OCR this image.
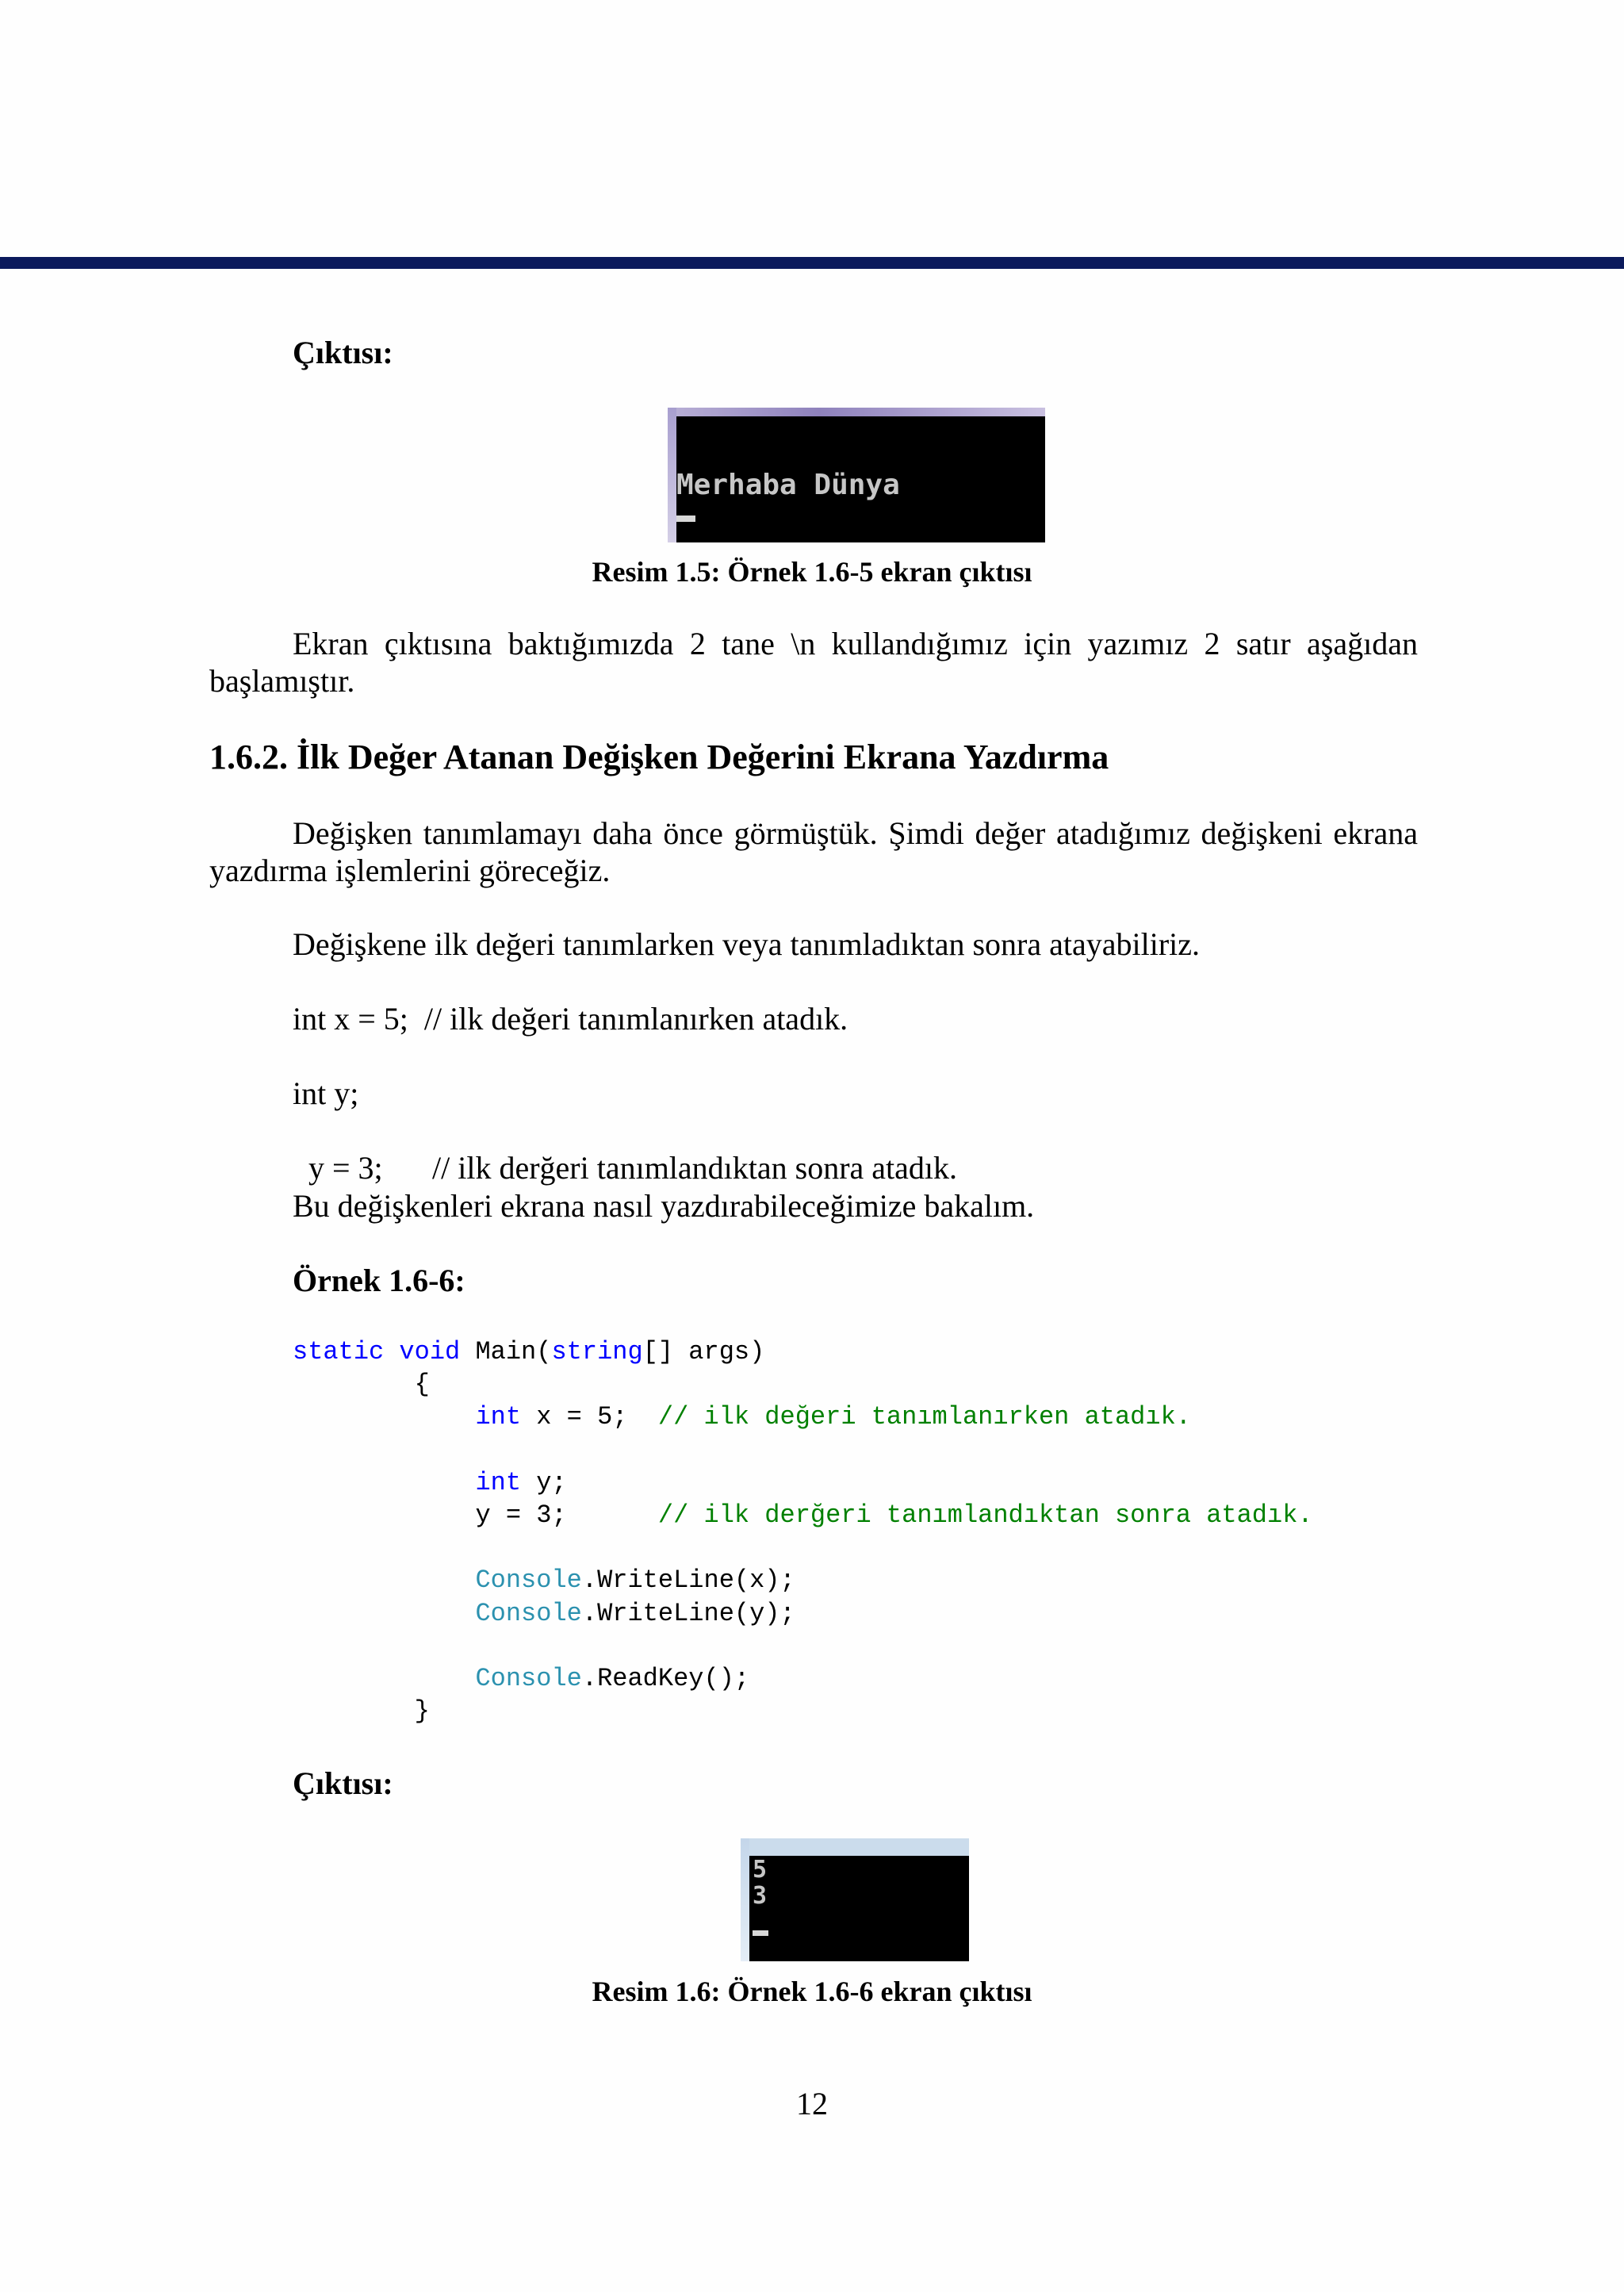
Çıktısı:
Merhaba Dünya
Resim 1.5: Örnek 1.6-5 ekran çıktısı
Ekran çıktısına baktığımızda 2 tane \n kullandığımız için yazımız 2 satır aşağıdan
başlamıştır.
1.6.2. İlk Değer Atanan Değişken Değerini Ekrana Yazdırma
Değişken tanımlamayı daha önce görmüştük. Şimdi değer atadığımız değişkeni ekrana
yazdırma işlemlerini göreceğiz.
Değişkene ilk değeri tanımlarken veya tanımladıktan sonra atayabiliriz.
int x = 5;  // ilk değeri tanımlanırken atadık.
int y;

y = 3; // ilk derğeri tanımlandıktan sonra atadık.

Bu değişkenleri ekrana nasıl yazdırabileceğimize bakalım.
Örnek 1.6-6:
static void Main(string[] args)
{
int x = 5;  // ilk değeri tanımlanırken atadık.
int y;
y = 3;      // ilk derğeri tanımlandıktan sonra atadık.
Console.WriteLine(x);
Console.WriteLine(y);
Console.ReadKey();
}
Çıktısı:
5
3
Resim 1.6: Örnek 1.6-6 ekran çıktısı
12
